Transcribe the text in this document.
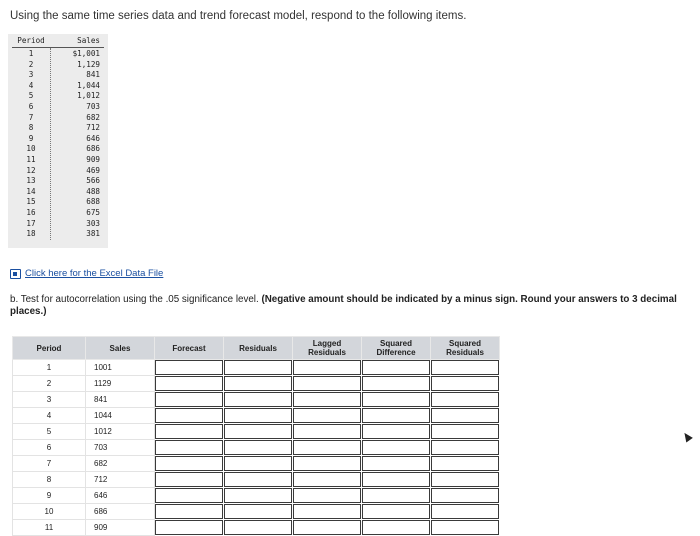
Using the same time series data and trend forecast model, respond to the following items.
Period	Sales
1	$1,001
2	1,129
3	841
4	1,044
5	1,012
6	703
7	682
8	712
9	646
10	686
11	909
12	469
13	566
14	488
15	688
16	675
17	303
18	381
Click here for the Excel Data File
b. Test for autocorrelation using the .05 significance level. (Negative amount should be indicated by a minus sign. Round your answers to 3 decimal places.)
Period	Sales	Forecast	Residuals	Lagged Residuals	Squared Difference	Squared Residuals
1	1001	

2	1129	

3	841	

4	1044	

5	1012	

6	703	

7	682	

8	712	

9	646	

10	686	

11	909	
